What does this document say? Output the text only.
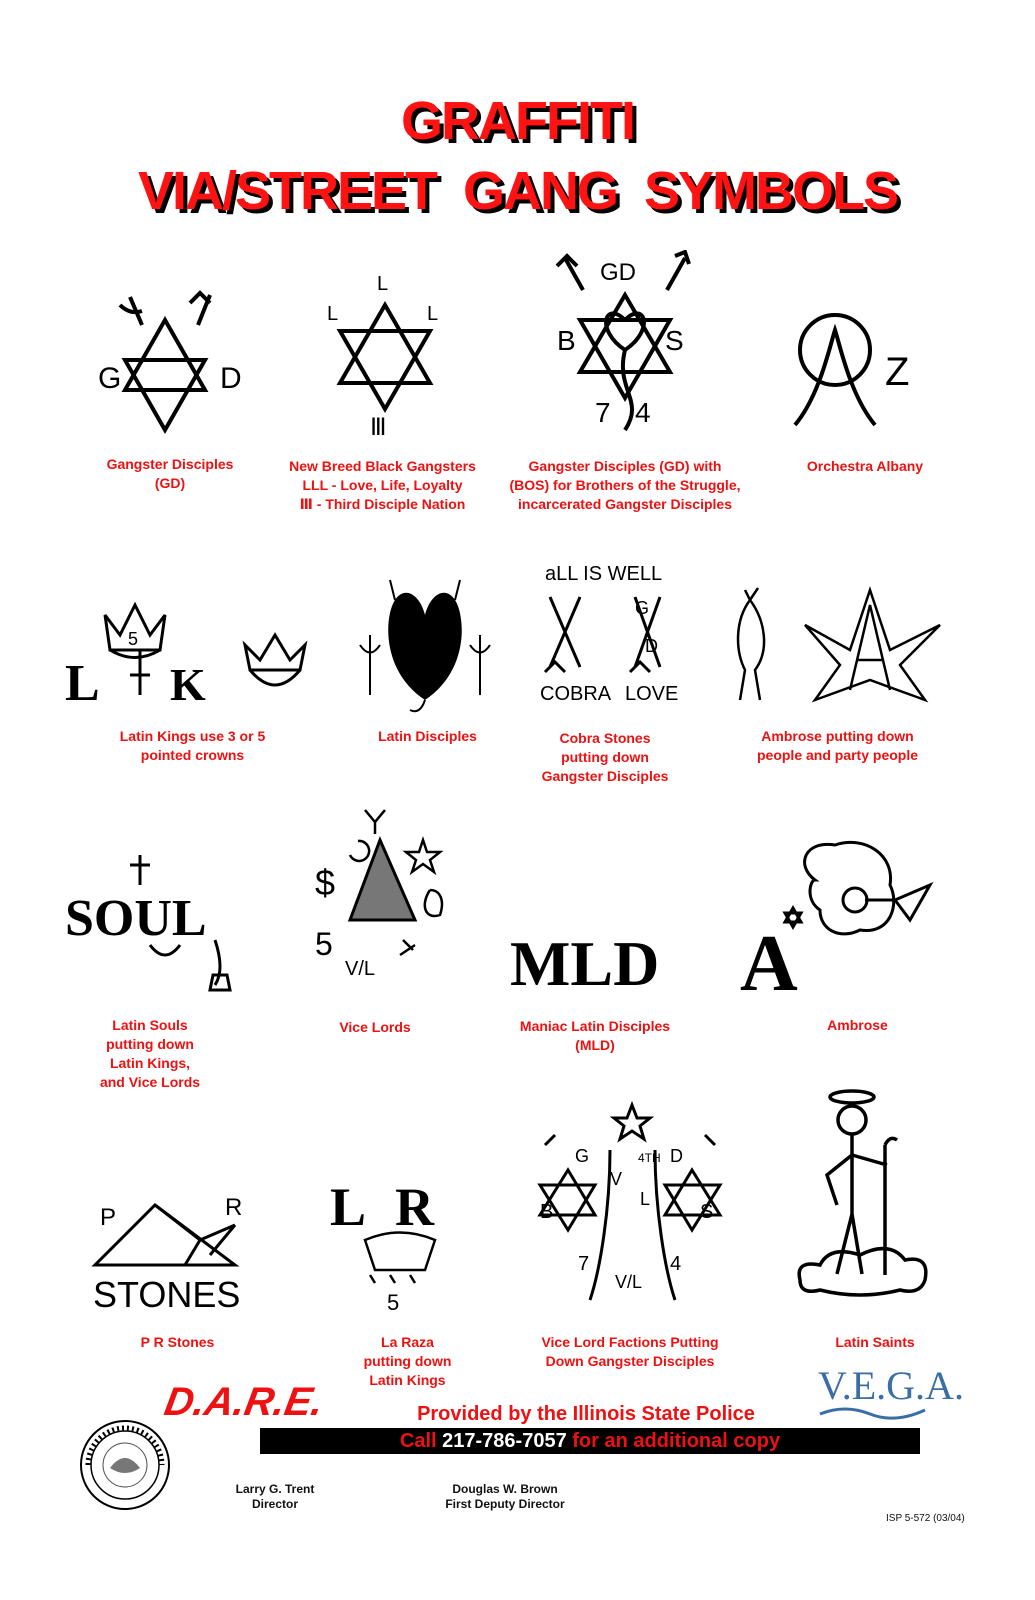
GRAFFITI
VIA/STREET GANG SYMBOLS
G	D
L
L	L
Ⅲ
GD
B	S
7 4
Z
Gangster Disciples
(GD)
New Breed Black Gangsters
LLL - Love, Life, Loyalty
Ⅲ - Third Disciple Nation
Gangster Disciples (GD) with
(BOS) for Brothers of the Struggle,
incarcerated Gangster Disciples
Orchestra Albany
L K
5
aLL IS WELL
COBRA LOVE
G
D
Latin Kings use 3 or 5
pointed crowns
Latin Disciples	Cobra Stones
putting down
Gangster Disciples
Ambrose putting down
people and party people
SOUL
$
5
V/L MLD A
Latin Souls
putting down
Latin Kings,
and Vice Lords
Vice Lords	Maniac Latin Disciples
(MLD)
Ambrose
P	R
STONES
L R
5
G	D
B	S
4TH
V
L
7	4
V/L
P R Stones	La Raza
putting down
Latin Kings
Vice Lord Factions Putting
Down Gangster Disciples
Latin Saints
D.A.R.E.	V.E.G.A.
Provided by the Illinois State Police
Call 217-786-7057 for an additional copy
Larry G. Trent
Director
Douglas W. Brown
First Deputy Director
ISP 5-572 (03/04)
